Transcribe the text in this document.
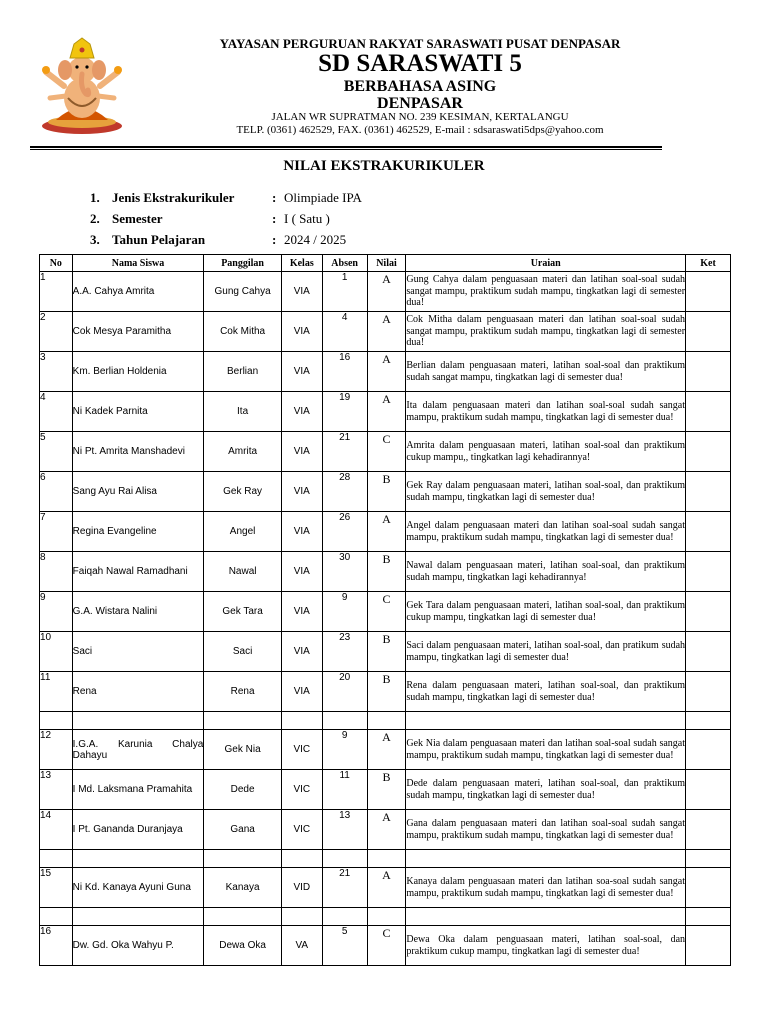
YAYASAN PERGURUAN RAKYAT SARASWATI PUSAT DENPASAR
SD SARASWATI 5
BERBAHASA ASING
DENPASAR
JALAN WR SUPRATMAN NO. 239 KESIMAN, KERTALANGU
TELP. (0361) 462529, FAX. (0361) 462529, E-mail : sdsaraswati5dps@yahoo.com
NILAI EKSTRAKURIKULER
1. Jenis Ekstrakurikuler	: Olimpiade IPA
2. Semester	: I ( Satu )
3. Tahun Pelajaran	: 2024 / 2025
No	Nama Siswa	Panggilan	Kelas	Absen	Nilai	Uraian	Ket
1	A.A. Cahya Amrita	Gung Cahya	VIA	1	A	Gung Cahya dalam penguasaan materi dan latihan soal-soal sudah sangat mampu, praktikum sudah mampu, tingkatkan lagi di semester dua!	
2	Cok Mesya Paramitha	Cok Mitha	VIA	4	A	Cok Mitha dalam penguasaan materi dan latihan soal-soal sudah sangat mampu, praktikum sudah mampu, tingkatkan lagi di semester dua!	
3	Km. Berlian Holdenia	Berlian	VIA	16	A	Berlian dalam penguasaan materi, latihan soal-soal dan praktikum sudah sangat mampu, tingkatkan lagi di semester dua!	
4	Ni Kadek Parnita	Ita	VIA	19	A	Ita dalam penguasaan materi dan latihan soal-soal sudah sangat mampu, praktikum sudah mampu, tingkatkan lagi di semester dua!	
5	Ni Pt. Amrita Manshadevi	Amrita	VIA	21	C	Amrita dalam penguasaan materi, latihan soal-soal dan praktikum cukup mampu,, tingkatkan lagi kehadirannya!	
6	Sang Ayu Rai Alisa	Gek Ray	VIA	28	B	Gek Ray dalam penguasaan materi, latihan soal-soal, dan praktikum sudah mampu, tingkatkan lagi di semester dua!	
7	Regina Evangeline	Angel	VIA	26	A	Angel dalam penguasaan materi dan latihan soal-soal sudah sangat mampu, praktikum sudah mampu, tingkatkan lagi di semester dua!	
8	Faiqah Nawal Ramadhani	Nawal	VIA	30	B	Nawal dalam penguasaan materi, latihan soal-soal, dan praktikum sudah mampu, tingkatkan lagi kehadirannya!	
9	G.A. Wistara Nalini	Gek Tara	VIA	9	C	Gek Tara dalam penguasaan materi, latihan soal-soal, dan praktikum cukup mampu, tingkatkan lagi di semester dua!	
10	Saci	Saci	VIA	23	B	Saci dalam penguasaan materi, latihan soal-soal, dan pratikum sudah mampu, tingkatkan lagi di semester dua!	
11	Rena	Rena	VIA	20	B	Rena dalam penguasaan materi, latihan soal-soal, dan praktikum sudah mampu, tingkatkan lagi di semester dua!	

12	I.G.A. Karunia Chalya Dahayu	Gek Nia	VIC	9	A	Gek Nia dalam penguasaan materi dan latihan soal-soal sudah sangat mampu, praktikum sudah mampu, tingkatkan lagi di semester dua!	
13	I Md. Laksmana Pramahita	Dede	VIC	11	B	Dede dalam penguasaan materi, latihan soal-soal, dan praktikum sudah mampu, tingkatkan lagi di semester dua!	
14	I Pt. Gananda Duranjaya	Gana	VIC	13	A	Gana dalam penguasaan materi dan latihan soal-soal sudah sangat mampu, praktikum sudah mampu, tingkatkan lagi di semester dua!	

15	Ni Kd. Kanaya Ayuni Guna	Kanaya	VID	21	A	Kanaya dalam penguasaan materi dan latihan soa-soal sudah sangat mampu, praktikum sudah mampu, tingkatkan lagi di semester dua!	

16	Dw. Gd. Oka Wahyu P.	Dewa Oka	VA	5	C	Dewa Oka dalam penguasaan materi, latihan soal-soal, dan praktikum cukup mampu, tingkatkan lagi di semester dua!	
